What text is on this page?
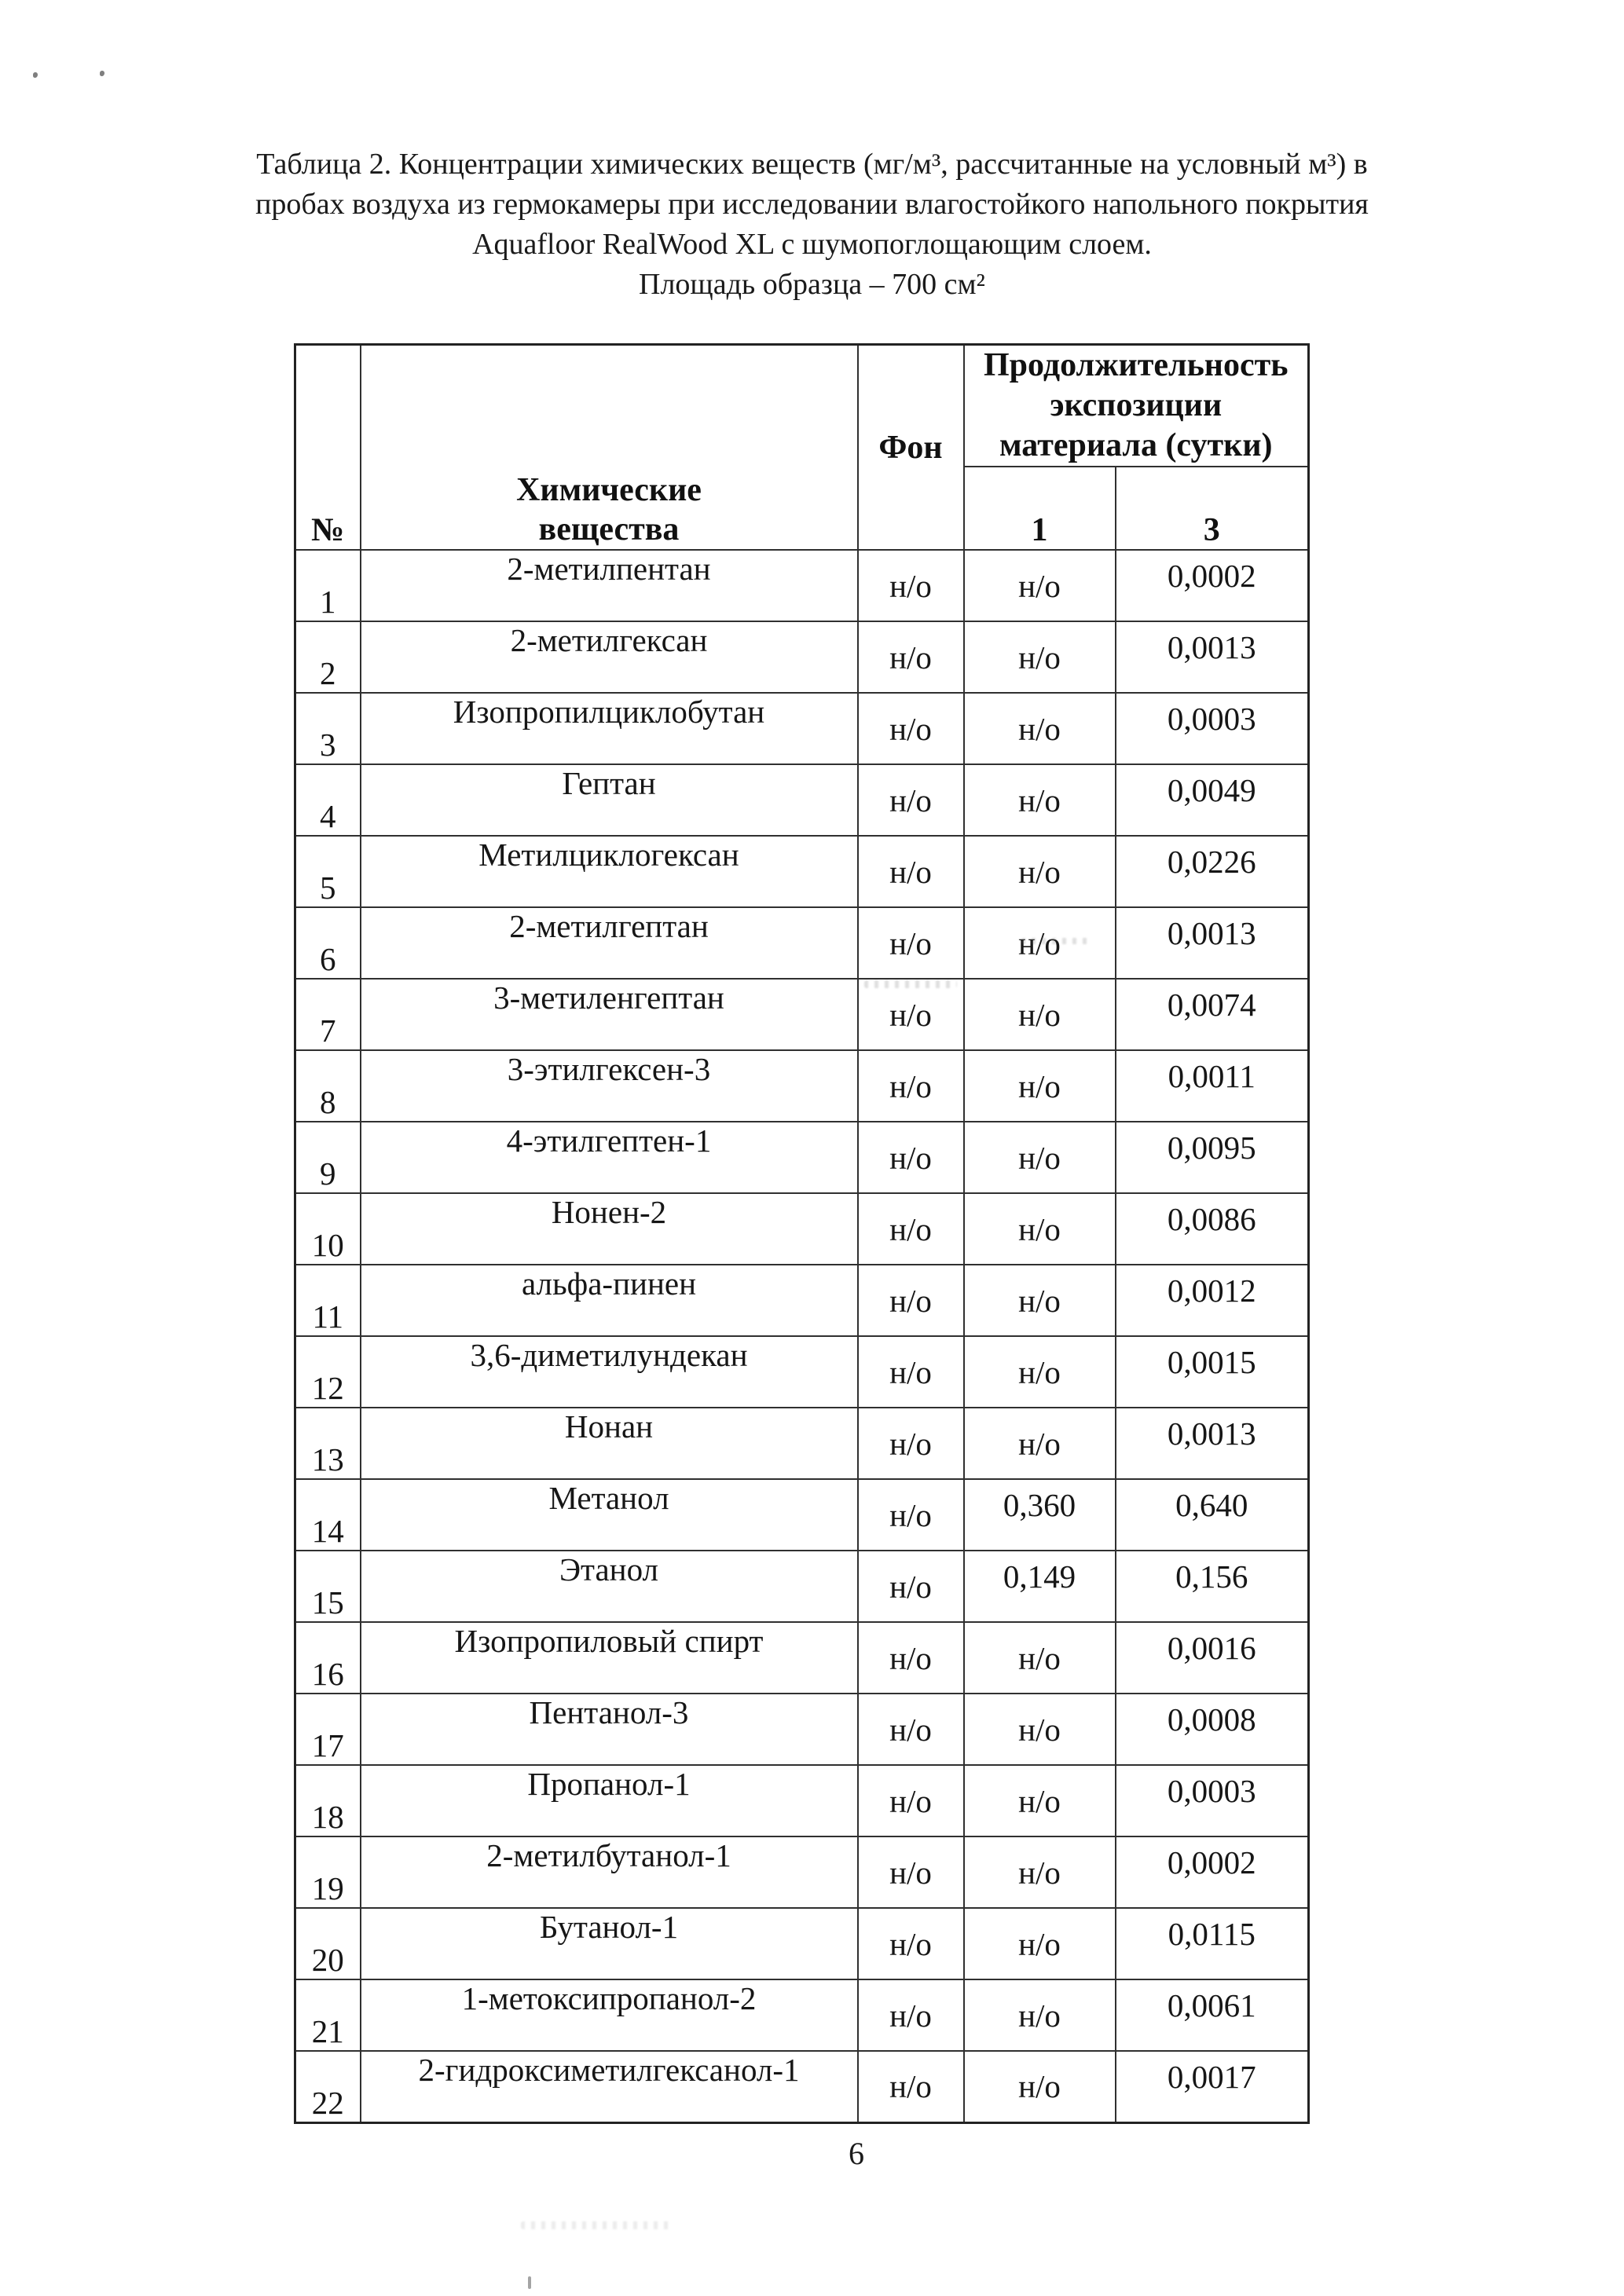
Таблица 2. Концентрации химических веществ (мг/м³, рассчитанные на условный м³) в
пробах воздуха из гермокамеры при исследовании влагостойкого напольного покрытия
Aquafloor RealWood XL с шумопоглощающим слоем.
Площадь образца – 700 см²
№	Химические вещества	Фон	Продолжительность экспозиции материала (сутки)	

			1	3
1	2-метилпентан	н/о	н/о	0,0002
2	2-метилгексан	н/о	н/о	0,0013
3	Изопропилциклобутан	н/о	н/о	0,0003
4	Гептан	н/о	н/о	0,0049
5	Метилциклогексан	н/о	н/о	0,0226
6	2-метилгептан	н/о	н/о	0,0013
7	3-метиленгептан	н/о	н/о	0,0074
8	3-этилгексен-3	н/о	н/о	0,0011
9	4-этилгептен-1	н/о	н/о	0,0095
10	Нонен-2	н/о	н/о	0,0086
11	альфа-пинен	н/о	н/о	0,0012
12	3,6-диметилундекан	н/о	н/о	0,0015
13	Нонан	н/о	н/о	0,0013
14	Метанол	н/о	0,360	0,640
15	Этанол	н/о	0,149	0,156
16	Изопропиловый спирт	н/о	н/о	0,0016
17	Пентанол-3	н/о	н/о	0,0008
18	Пропанол-1	н/о	н/о	0,0003
19	2-метилбутанол-1	н/о	н/о	0,0002
20	Бутанол-1	н/о	н/о	0,0115
21	1-метоксипропанол-2	н/о	н/о	0,0061
22	2-гидроксиметилгексанол-1	н/о	н/о	0,0017
6
